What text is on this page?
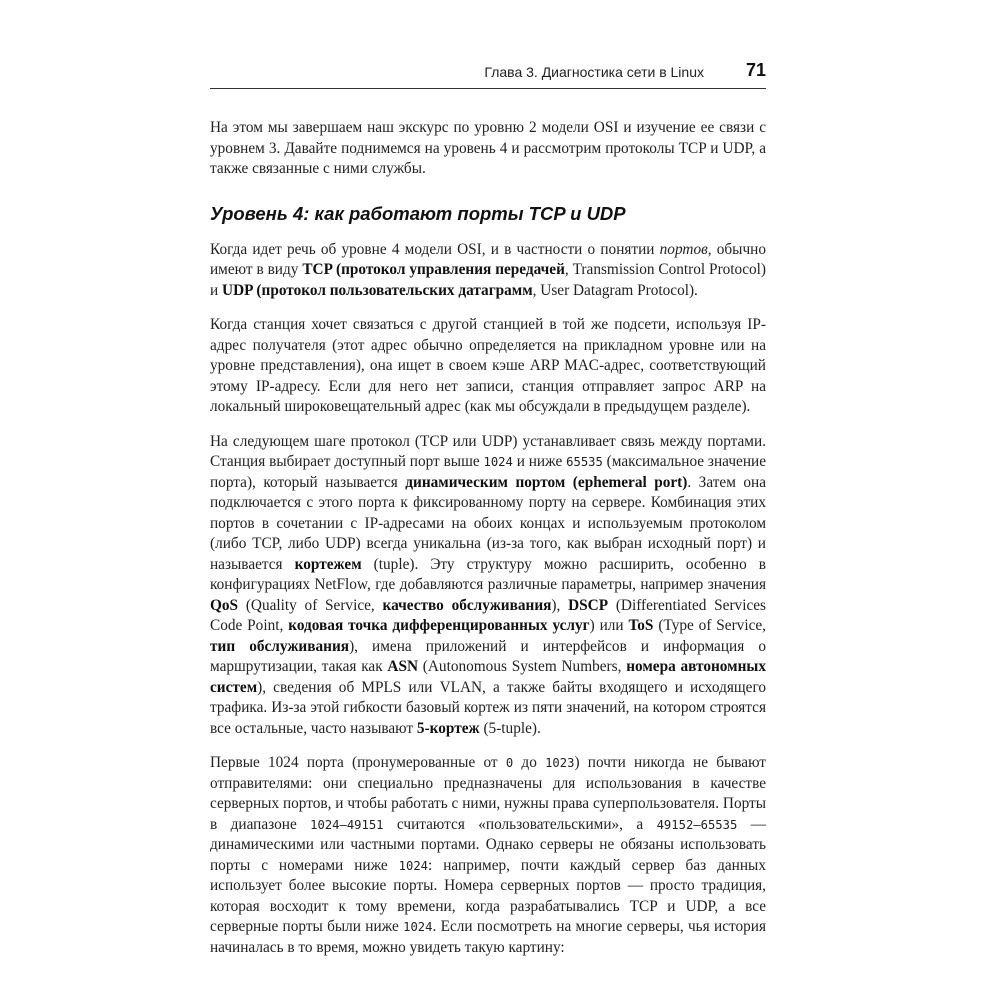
Глава 3. Диагностика сети в Linux 71

На этом мы завершаем наш экскурс по уровню 2 модели OSI и изучение ее связи с уровнем 3. Давайте поднимемся на уровень 4 и рассмотрим протоколы TCP и UDP, а также связанные с ними службы.

Уровень 4: как работают порты TCP и UDP

Когда идет речь об уровне 4 модели OSI, и в частности о понятии портов, обычно имеют в виду TCP (протокол управления передачей, Transmission Control Protocol) и UDP (протокол пользовательских датаграмм, User Datagram Protocol).

Когда станция хочет связаться с другой станцией в той же подсети, используя IP-адрес получателя (этот адрес обычно определяется на прикладном уровне или на уровне представления), она ищет в своем кэше ARP MAC-адрес, соответствующий этому IP-адресу. Если для него нет записи, станция отправляет запрос ARP на локальный широковещательный адрес (как мы обсуждали в предыдущем разделе).

На следующем шаге протокол (TCP или UDP) устанавливает связь между портами. Станция выбирает доступный порт выше 1024 и ниже 65535 (максимальное значение порта), который называется динамическим портом (ephemeral port). Затем она подключается с этого порта к фиксированному порту на сервере. Комбинация этих портов в сочетании с IP-адресами на обоих концах и используемым протоколом (либо TCP, либо UDP) всегда уникальна (из-за того, как выбран исходный порт) и называется кортежем (tuple). Эту структуру можно расширить, особенно в конфигурациях NetFlow, где добавляются различные параметры, например значения QoS (Quality of Service, качество обслуживания), DSCP (Differentiated Services Code Point, кодовая точка дифференцированных услуг) или ToS (Type of Service, тип обслуживания), имена приложений и интерфейсов и информация о маршрутизации, такая как ASN (Autonomous System Numbers, номера автономных систем), сведения об MPLS или VLAN, а также байты входящего и исходящего трафика. Из-за этой гибкости базовый кортеж из пяти значений, на котором строятся все остальные, часто называют 5-кортеж (5-tuple).

Первые 1024 порта (пронумерованные от 0 до 1023) почти никогда не бывают отправителями: они специально предназначены для использования в качестве серверных портов, и чтобы работать с ними, нужны права суперпользователя. Порты в диапазоне 1024–49151 считаются «пользовательскими», а 49152–65535 — динамическими или частными портами. Однако серверы не обязаны использовать порты с номерами ниже 1024: например, почти каждый сервер баз данных использует более высокие порты. Номера серверных портов — просто традиция, которая восходит к тому времени, когда разрабатывались TCP и UDP, а все серверные порты были ниже 1024. Если посмотреть на многие серверы, чья история начиналась в то время, можно увидеть такую картину:
